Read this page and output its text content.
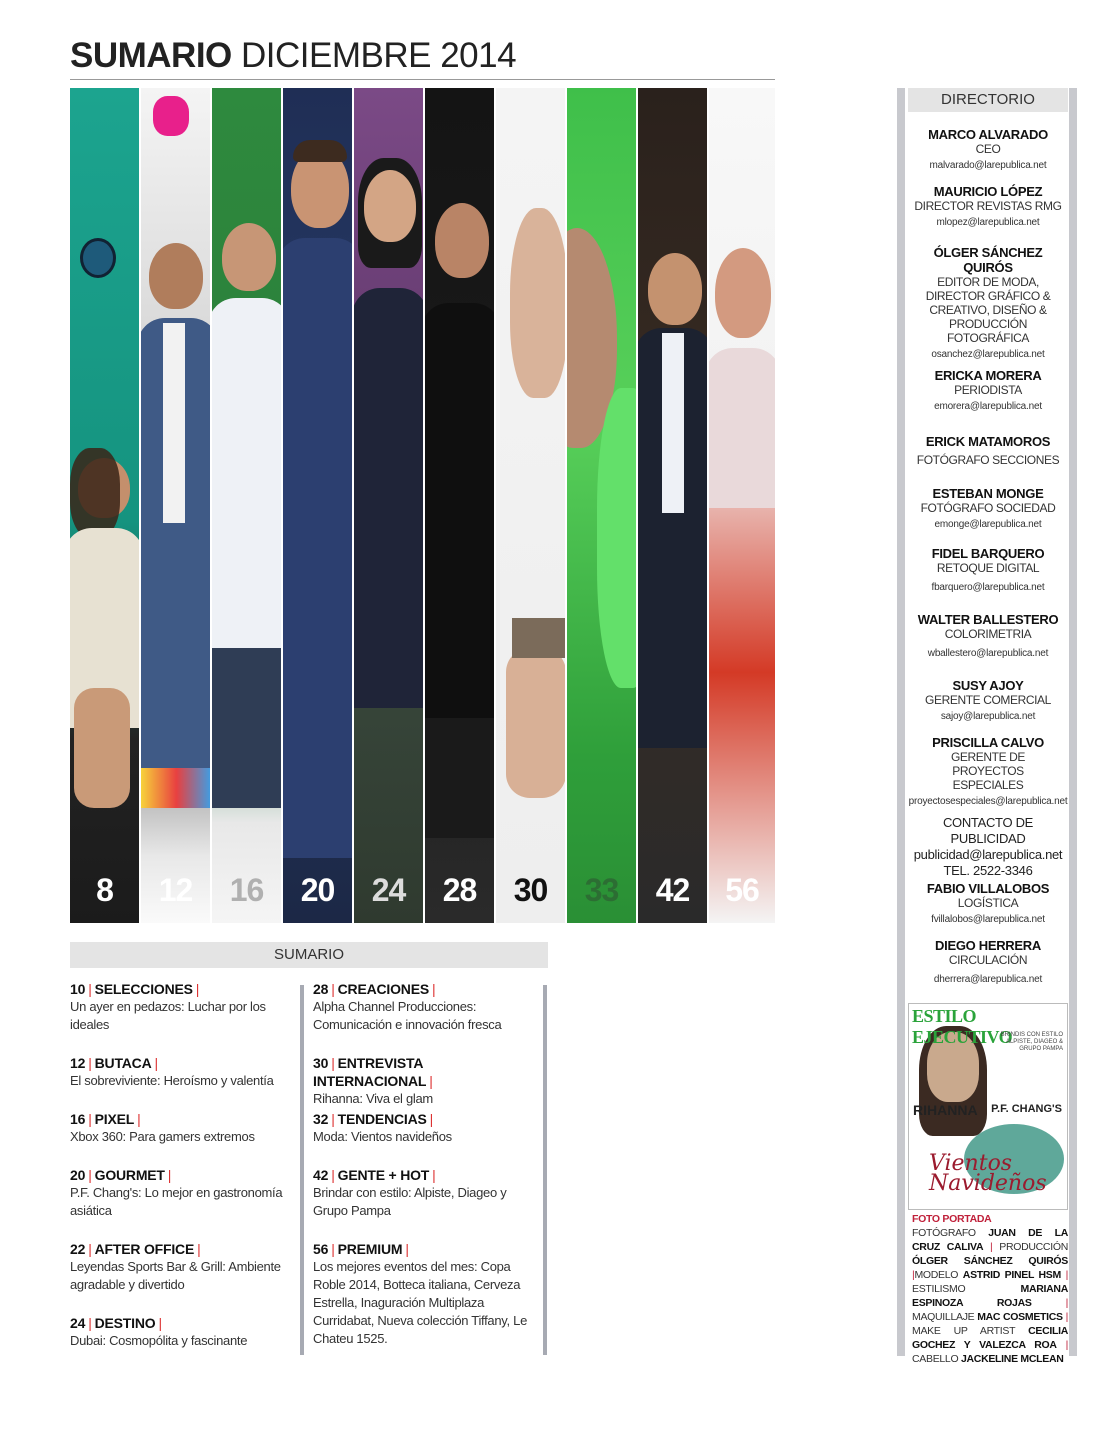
SUMARIO DICIEMBRE 2014
8	12	16	20	24	28	30	33	42	56
SUMARIO
10 | SELECCIONES |
Un ayer en pedazos: Luchar por los ideales
12 | BUTACA |
El sobreviviente: Heroísmo y valentía
16 | PIXEL |
Xbox 360: Para gamers extremos
20 | GOURMET |
P.F. Chang's: Lo mejor en gastronomía asiática
22 | AFTER OFFICE |
Leyendas Sports Bar & Grill: Ambiente agradable y divertido
24 | DESTINO |
Dubai: Cosmopólita y fascinante
28 | CREACIONES |
Alpha Channel Producciones: Comunicación e innovación fresca
30 | ENTREVISTA INTERNACIONAL |
Rihanna: Viva el glam
32 | TENDENCIAS |
Moda: Vientos navideños
42 | GENTE + HOT |
Brindar con estilo: Alpiste, Diageo y Grupo Pampa
56 | PREMIUM |
Los mejores eventos del mes: Copa Roble 2014, Botteca italiana, Cerveza Estrella, Inaguración Multiplaza Curridabat, Nueva colección Tiffany, Le Chateu 1525.
DIRECTORIO
MARCO ALVARADO
CEO
malvarado@larepublica.net
MAURICIO LÓPEZ
DIRECTOR REVISTAS RMG
mlopez@larepublica.net
ÓLGER SÁNCHEZ QUIRÓS
EDITOR DE MODA, DIRECTOR GRÁFICO & CREATIVO, DISEÑO & PRODUCCIÓN FOTOGRÁFICA
osanchez@larepublica.net
ERICKA MORERA
PERIODISTA
emorera@larepublica.net
ERICK MATAMOROS
FOTÓGRAFO SECCIONES
ESTEBAN MONGE
FOTÓGRAFO SOCIEDAD
emonge@larepublica.net
FIDEL BARQUERO
RETOQUE DIGITAL
fbarquero@larepublica.net
WALTER BALLESTERO
COLORIMETRIA
wballestero@larepublica.net
SUSY AJOY
GERENTE COMERCIAL
sajoy@larepublica.net
PRISCILLA CALVO
GERENTE DE PROYECTOS ESPECIALES
proyectosespeciales@larepublica.net
CONTACTO DE PUBLICIDAD
publicidad@larepublica.net
TEL. 2522-3346
FABIO VILLALOBOS
LOGÍSTICA
fvillalobos@larepublica.net
DIEGO HERRERA
CIRCULACIÓN
dherrera@larepublica.net
ESTILO EJECUTIVO
BRINDIS CON ESTILO ALPISTE, DIAGEO & GRUPO PAMPA
RIHANNA P.F. CHANG'S
Vientos Navideños
FOTO PORTADA
FOTÓGRAFO JUAN DE LA CRUZ CALIVA | PRODUCCIÓN ÓLGER SÁNCHEZ QUIRÓS |MODELO ASTRID PINEL HSM | ESTILISMO	MARIANA ESPINOZA ROJAS	| MAQUILLAJE MAC COSMETICS | MAKE UP ARTIST CECILIA GOCHEZ Y VALEZCA ROA | CABELLO JACKELINE MCLEAN
